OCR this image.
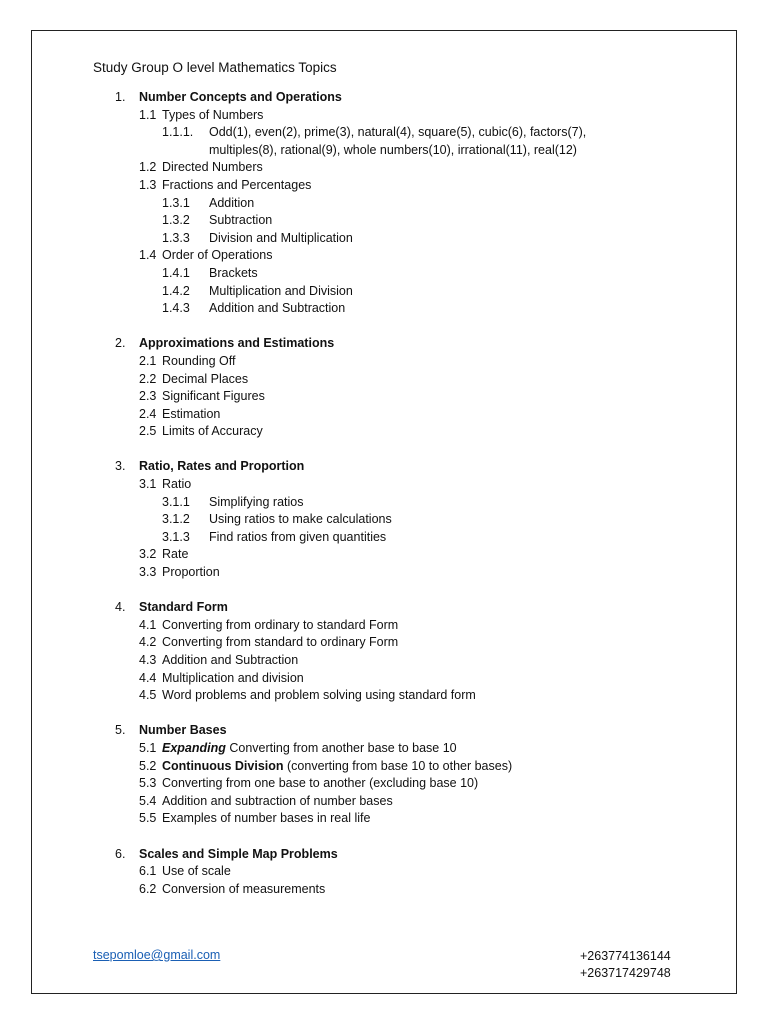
Study Group O level Mathematics Topics
1. Number Concepts and Operations
1.1 Types of Numbers
1.1.1. Odd(1), even(2), prime(3), natural(4), square(5), cubic(6), factors(7),
multiples(8), rational(9), whole numbers(10), irrational(11), real(12)
1.2 Directed Numbers
1.3 Fractions and Percentages
1.3.1 Addition
1.3.2 Subtraction
1.3.3 Division and Multiplication
1.4 Order of Operations
1.4.1 Brackets
1.4.2 Multiplication and Division
1.4.3 Addition and Subtraction
2. Approximations and Estimations
2.1 Rounding Off
2.2 Decimal Places
2.3 Significant Figures
2.4 Estimation
2.5 Limits of Accuracy
3. Ratio, Rates and Proportion
3.1 Ratio
3.1.1 Simplifying ratios
3.1.2 Using ratios to make calculations
3.1.3 Find ratios from given quantities
3.2 Rate
3.3 Proportion
4. Standard Form
4.1 Converting from ordinary to standard Form
4.2 Converting from standard to ordinary Form
4.3 Addition and Subtraction
4.4 Multiplication and division
4.5 Word problems and problem solving using standard form
5. Number Bases
5.1 Expanding Converting from another base to base 10
5.2 Continuous Division (converting from base 10 to other bases)
5.3 Converting from one base to another (excluding base 10)
5.4 Addition and subtraction of number bases
5.5 Examples of number bases in real life
6. Scales and Simple Map Problems
6.1 Use of scale
6.2 Conversion of measurements
tsepomloe@gmail.com	+263774136144
+263717429748
